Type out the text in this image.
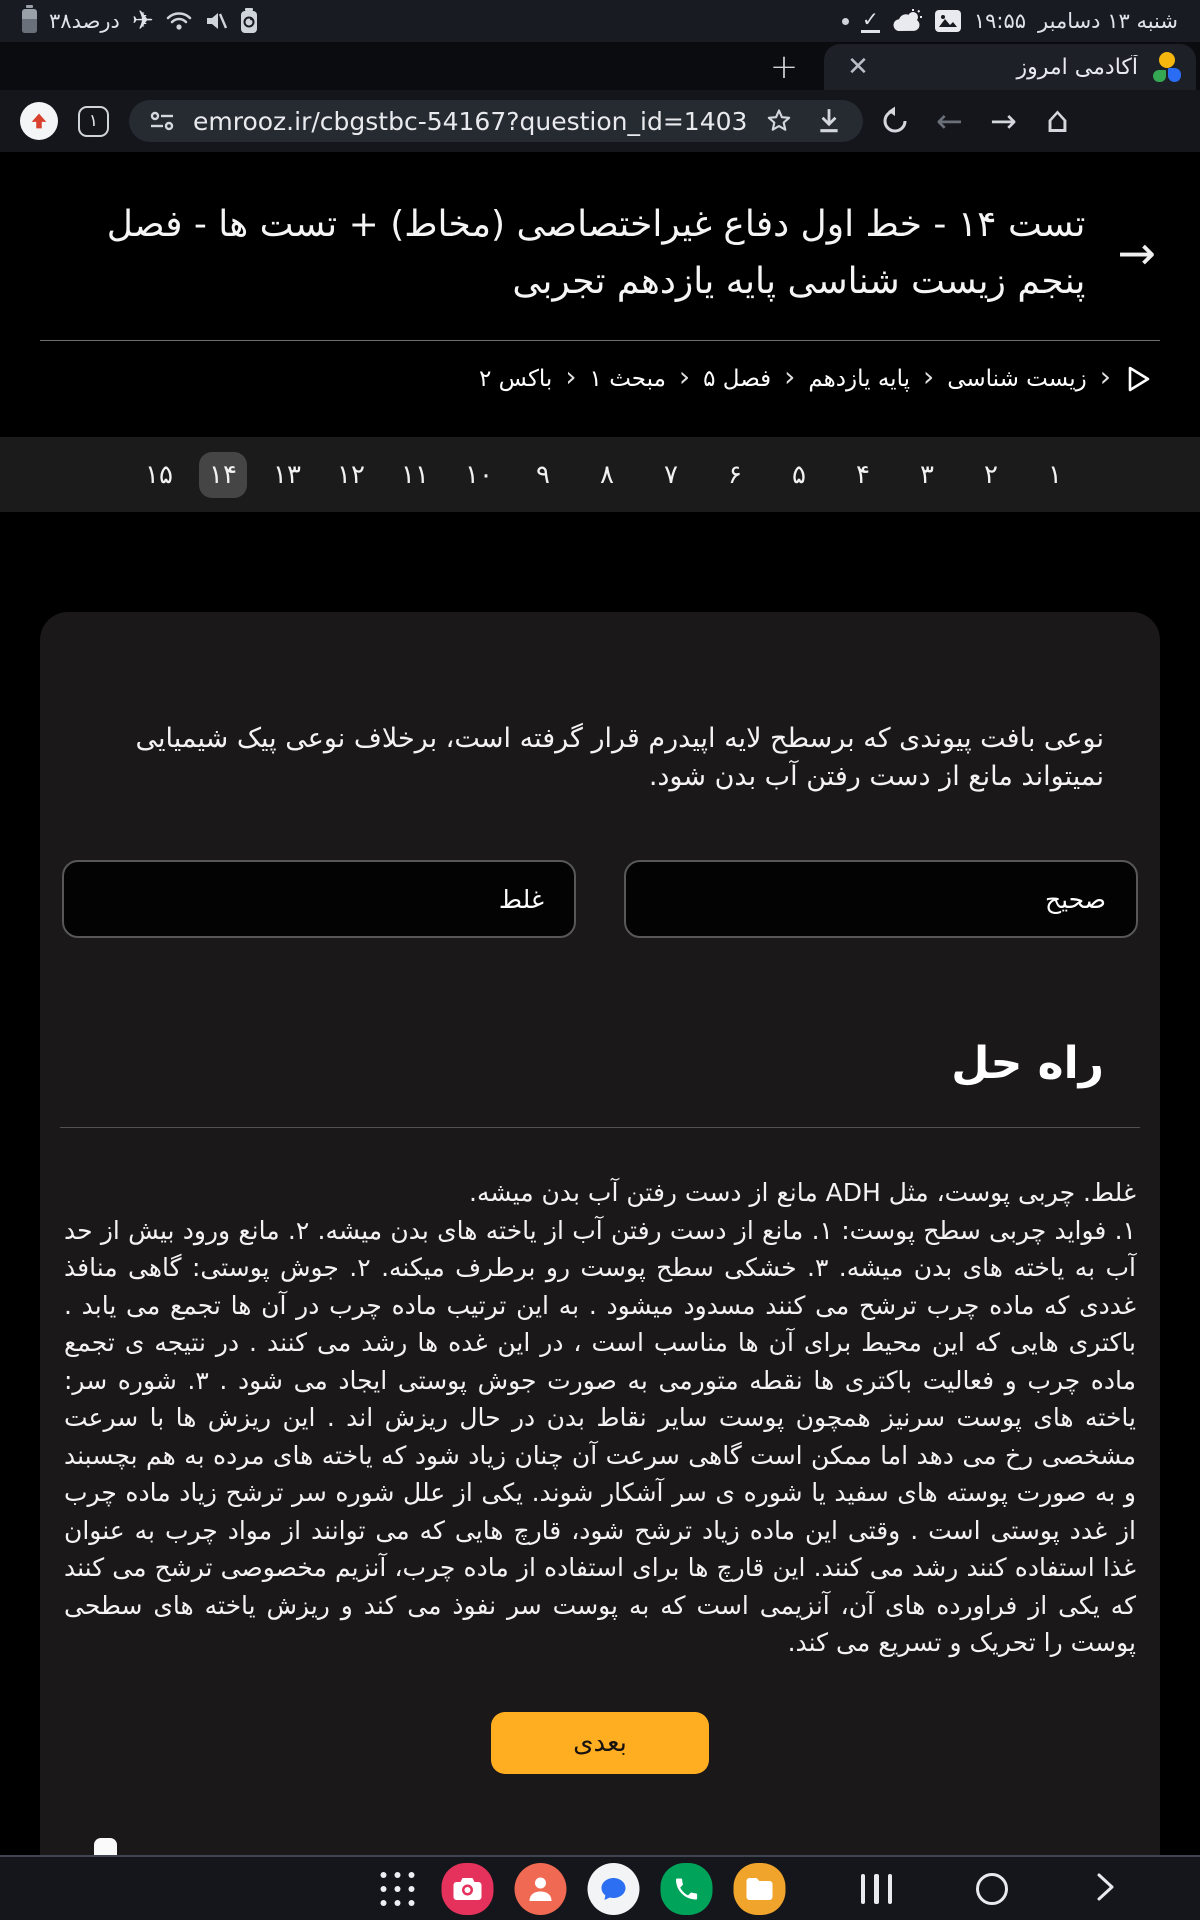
۳۸درصد ✈	✓	۱۹:۵۵ شنبه ۱۳ دسامبر
+	✕	آکادمی امروز
۱	emrooz.ir/cbgstbc-54167?question_id=1403	← → ⌂
تست ۱۴ - خط اول دفاع غیراختصاصی (مخاط) + تست ها - فصل پنجم زیست شناسی پایه یازدهم تجربی
→
‹
زیست شناسی
‹
پایه یازدهم
‹
فصل ۵
‹
مبحث ۱
‹
باکس ۲
۱
۲
۳
۴
۵
۶
۷
۸
۹
۱۰
۱۱
۱۲
۱۳
۱۴
۱۵
نوعی بافت پیوندی که برسطح لایه اپیدرم قرار گرفته است، برخلاف نوعی پیک شیمیایی نمیتواند مانع از دست رفتن آب بدن شود.
صحیح
غلط
راه حل

غلط. چربی پوست، مثل ADH مانع از دست رفتن آب بدن میشه.

۱. فواید چربی سطح پوست: ۱. مانع از دست رفتن آب از یاخته های بدن میشه. ۲. مانع ورود بیش از حد آب به یاخته های بدن میشه. ۳. خشکی سطح پوست رو برطرف میکنه. ۲. جوش پوستی: گاهی منافذ غددی که ماده چرب ترشح می کنند مسدود میشود . به این ترتیب ماده چرب در آن ها تجمع می یابد . باکتری هایی که این محیط برای آن ها مناسب است ، در این غده ها رشد می کنند . در نتیجه ی تجمع ماده چرب و فعالیت باکتری ها نقطه متورمی به صورت جوش پوستی ایجاد می شود . ۳. شوره سر: یاخته های پوست سرنیز همچون پوست سایر نقاط بدن در حال ریزش اند . این ریزش ها با سرعت مشخصی رخ می دهد اما ممکن است گاهی سرعت آن چنان زیاد شود که یاخته های مرده به هم بچسبند و به صورت پوسته های سفید یا شوره ی سر آشکار شوند. یکی از علل شوره سر ترشح زیاد ماده چرب از غدد پوستی است . وقتی این ماده زیاد ترشح شود، قارچ هایی که می توانند از مواد چرب به عنوان غذا استفاده کنند رشد می کنند. این قارچ ها برای استفاده از ماده چرب، آنزیم مخصوصی ترشح می کنند که یکی از فراورده های آن، آنزیمی است که به پوست سر نفوذ می کند و ریزش یاخته های سطحی پوست را تحریک و تسریع می کند.

بعدی
